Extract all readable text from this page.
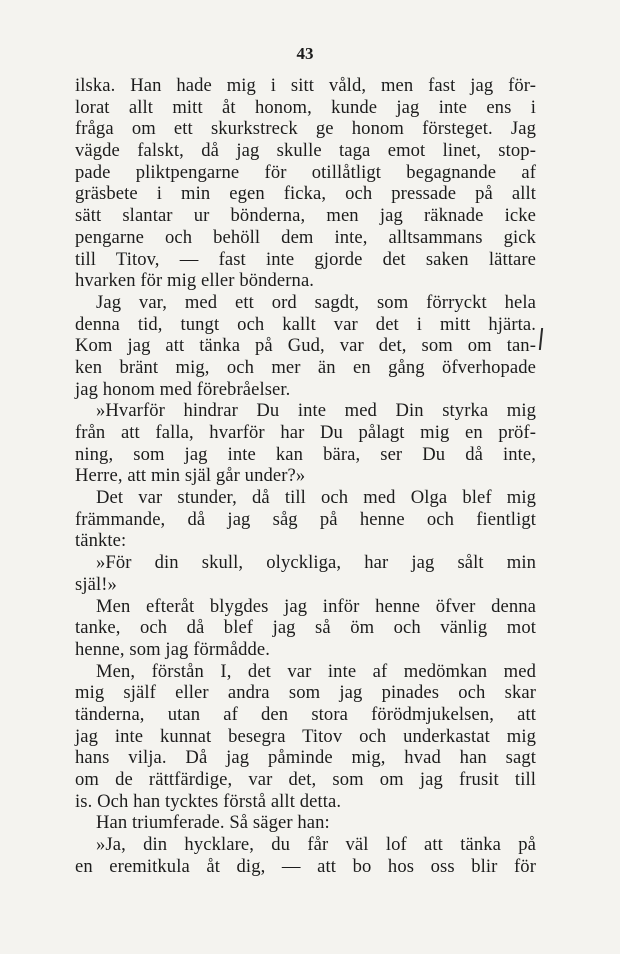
43
ilska. Han hade mig i sitt våld, men fast jag för-
lorat allt mitt åt honom, kunde jag inte ens i
fråga om ett skurkstreck ge honom försteget. Jag
vägde falskt, då jag skulle taga emot linet, stop-
pade pliktpengarne för otillåtligt begagnande af
gräsbete i min egen ficka, och pressade på allt
sätt slantar ur bönderna, men jag räknade icke
pengarne och behöll dem inte, alltsammans gick
till Titov, — fast inte gjorde det saken lättare
hvarken för mig eller bönderna.
Jag var, med ett ord sagdt, som förryckt hela
denna tid, tungt och kallt var det i mitt hjärta.
Kom jag att tänka på Gud, var det, som om tan-
ken bränt mig, och mer än en gång öfverhopade
jag honom med förebråelser.
»Hvarför hindrar Du inte med Din styrka mig
från att falla, hvarför har Du pålagt mig en pröf-
ning, som jag inte kan bära, ser Du då inte,
Herre, att min själ går under?»
Det var stunder, då till och med Olga blef mig
främmande, då jag såg på henne och fientligt
tänkte:
»För din skull, olyckliga, har jag sålt min
själ!»
Men efteråt blygdes jag inför henne öfver denna
tanke, och då blef jag så öm och vänlig mot
henne, som jag förmådde.
Men, förstån I, det var inte af medömkan med
mig själf eller andra som jag pinades och skar
tänderna, utan af den stora förödmjukelsen, att
jag inte kunnat besegra Titov och underkastat mig
hans vilja. Då jag påminde mig, hvad han sagt
om de rättfärdige, var det, som om jag frusit till
is. Och han tycktes förstå allt detta.
Han triumferade. Så säger han:
»Ja, din hycklare, du får väl lof att tänka på
en eremitkula åt dig, — att bo hos oss blir för
